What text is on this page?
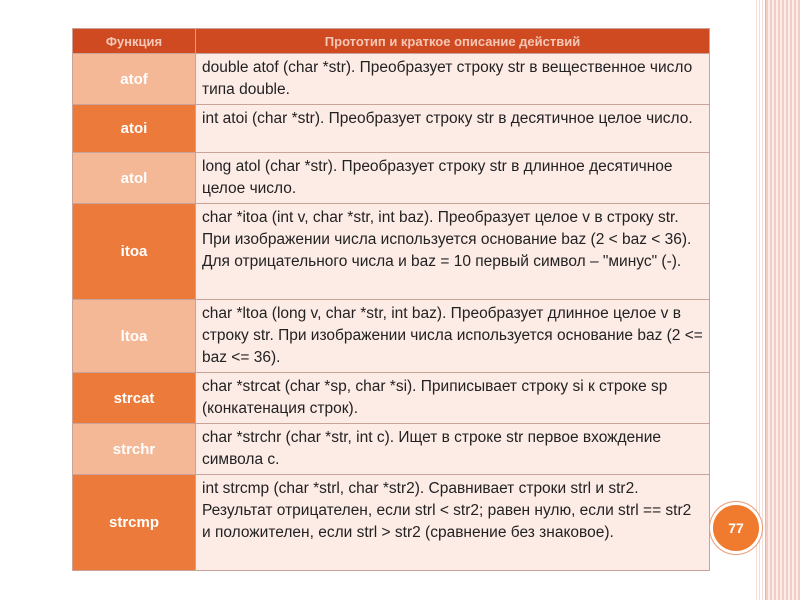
Функция	Прототип и краткое описание действий
atof	double atof (char *str). Преобразует строку str в вещественное число типа double.
atoi	int atoi (char *str). Преобразует строку str в десятичное целое число.
atol	long atol (char *str). Преобразует строку str в длинное десятичное целое число.
itoa	char *itoa (int v, char *str, int baz). Преобразует целое v в строку str. При изображении числа используется основание baz (2 < baz < 36). Для отрицательного числа и baz = 10 первый символ – "минус" (-).
ltoa	char *ltoa (long v, char *str, int baz). Преобразует длинное целое v в строку str. При изображении числа используется основание baz (2 <= baz <= 36).
strcat	char *strcat (char *sp, char *si). Приписывает строку si к строке sp (конкатенация строк).
strchr	char *strchr (char *str, int c). Ищет в строке str первое вхождение символа c.
strcmp	int strcmp (char *strl, char *str2). Сравнивает строки strl и str2. Результат отрицателен, если strl < str2; равен нулю, если strl == str2 и положителен, если strl > str2 (сравнение без знаковое).	77
